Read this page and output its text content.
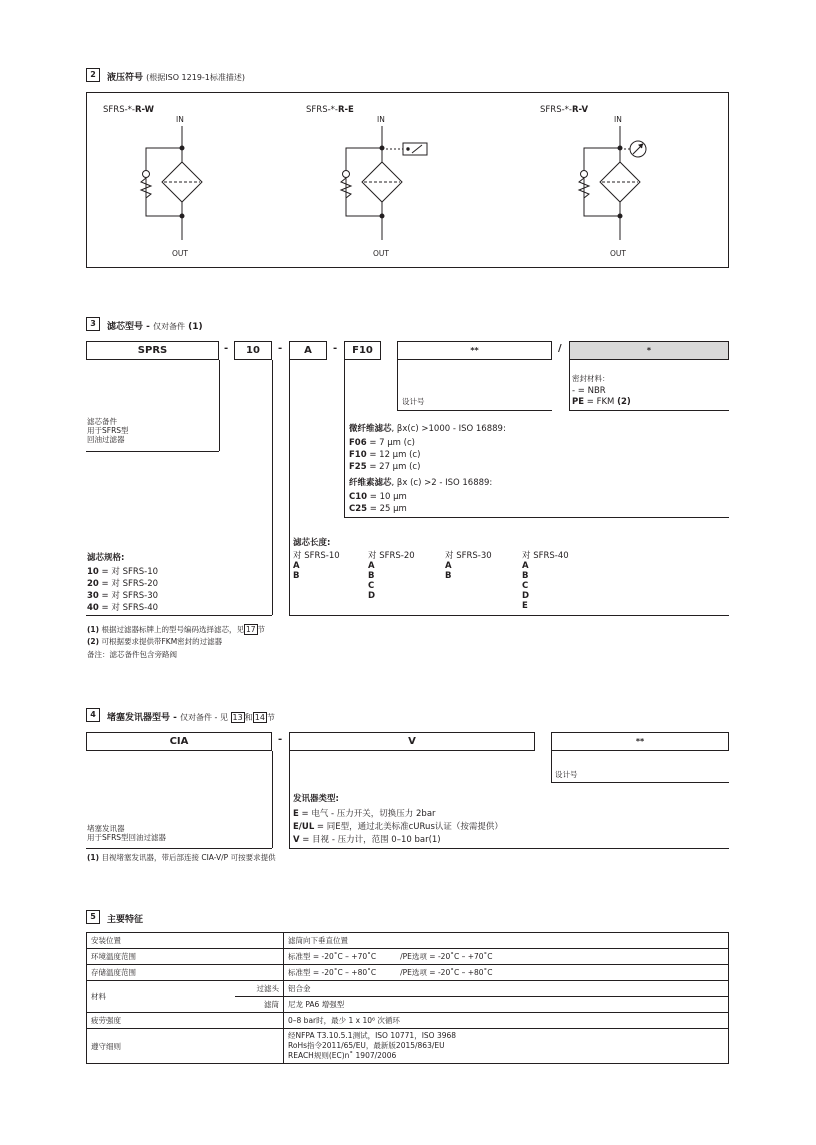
2	液压符号 (根据ISO 1219-1标准描述)
SFRS-*-R-W	SFRS-*-R-E	SFRS-*-R-V
IN	IN	IN
OUT	OUT	OUT
3	滤芯型号 - 仅对备件 (1)
SPRS	-	10	-	A	-	F10	**	/	*
设计号
密封材料：
- = NBR
PE = FKM (2)
滤芯备件
用于SFRS型
回油过滤器
微纤维滤芯, βx(c) >1000 - ISO 16889:
F06 = 7 μm (c)
F10 = 12 μm (c)
F25 = 27 μm (c)
纤维素滤芯, βx (c) >2 - ISO 16889:
C10 = 10 μm
C25 = 25 μm
滤芯规格:
10 = 对 SFRS-10
20 = 对 SFRS-20
30 = 对 SFRS-30
40 = 对 SFRS-40
滤芯长度:
对 SFRS-10
A
B
对 SFRS-20
A
B
C
D
对 SFRS-30
A
B
对 SFRS-40
A
B
C
D
E
(1) 根据过滤器标牌上的型号编码选择滤芯，见 17 节
(2) 可根据要求提供带FKM密封的过滤器
备注：滤芯备件包含旁路阀
4	堵塞发讯器型号 - 仅对备件 - 见 13 和 14 节
CIA	-	V	**
设计号
发讯器类型:
E = 电气 - 压力开关，切换压力 2bar
E/UL = 同E型，通过北美标准cURus认证（按需提供）
V = 目视 - 压力计，范围 0–10 bar(1)
堵塞发讯器
用于SFRS型回油过滤器
(1) 目视堵塞发讯器，带后部连接 CIA-V/P 可按要求提供
5	主要特征
安装位置		滤筒向下垂直位置
环境温度范围		标准型 = -20˚C – +70˚C /PE选项 = -20˚C – +70˚C
存储温度范围		标准型 = -20˚C – +80˚C /PE选项 = -20˚C – +80˚C
材料	过滤头	铝合金
	滤筒	尼龙 PA6 增强型
疲劳强度		0–8 bar时，最少 1 x 10⁶ 次循环
遵守细则		经NFPA T3.10.5.1测试，ISO 10771，ISO 3968
RoHs指令2011/65/EU，最新版2015/863/EU
REACH规则(EC)n˚ 1907/2006
